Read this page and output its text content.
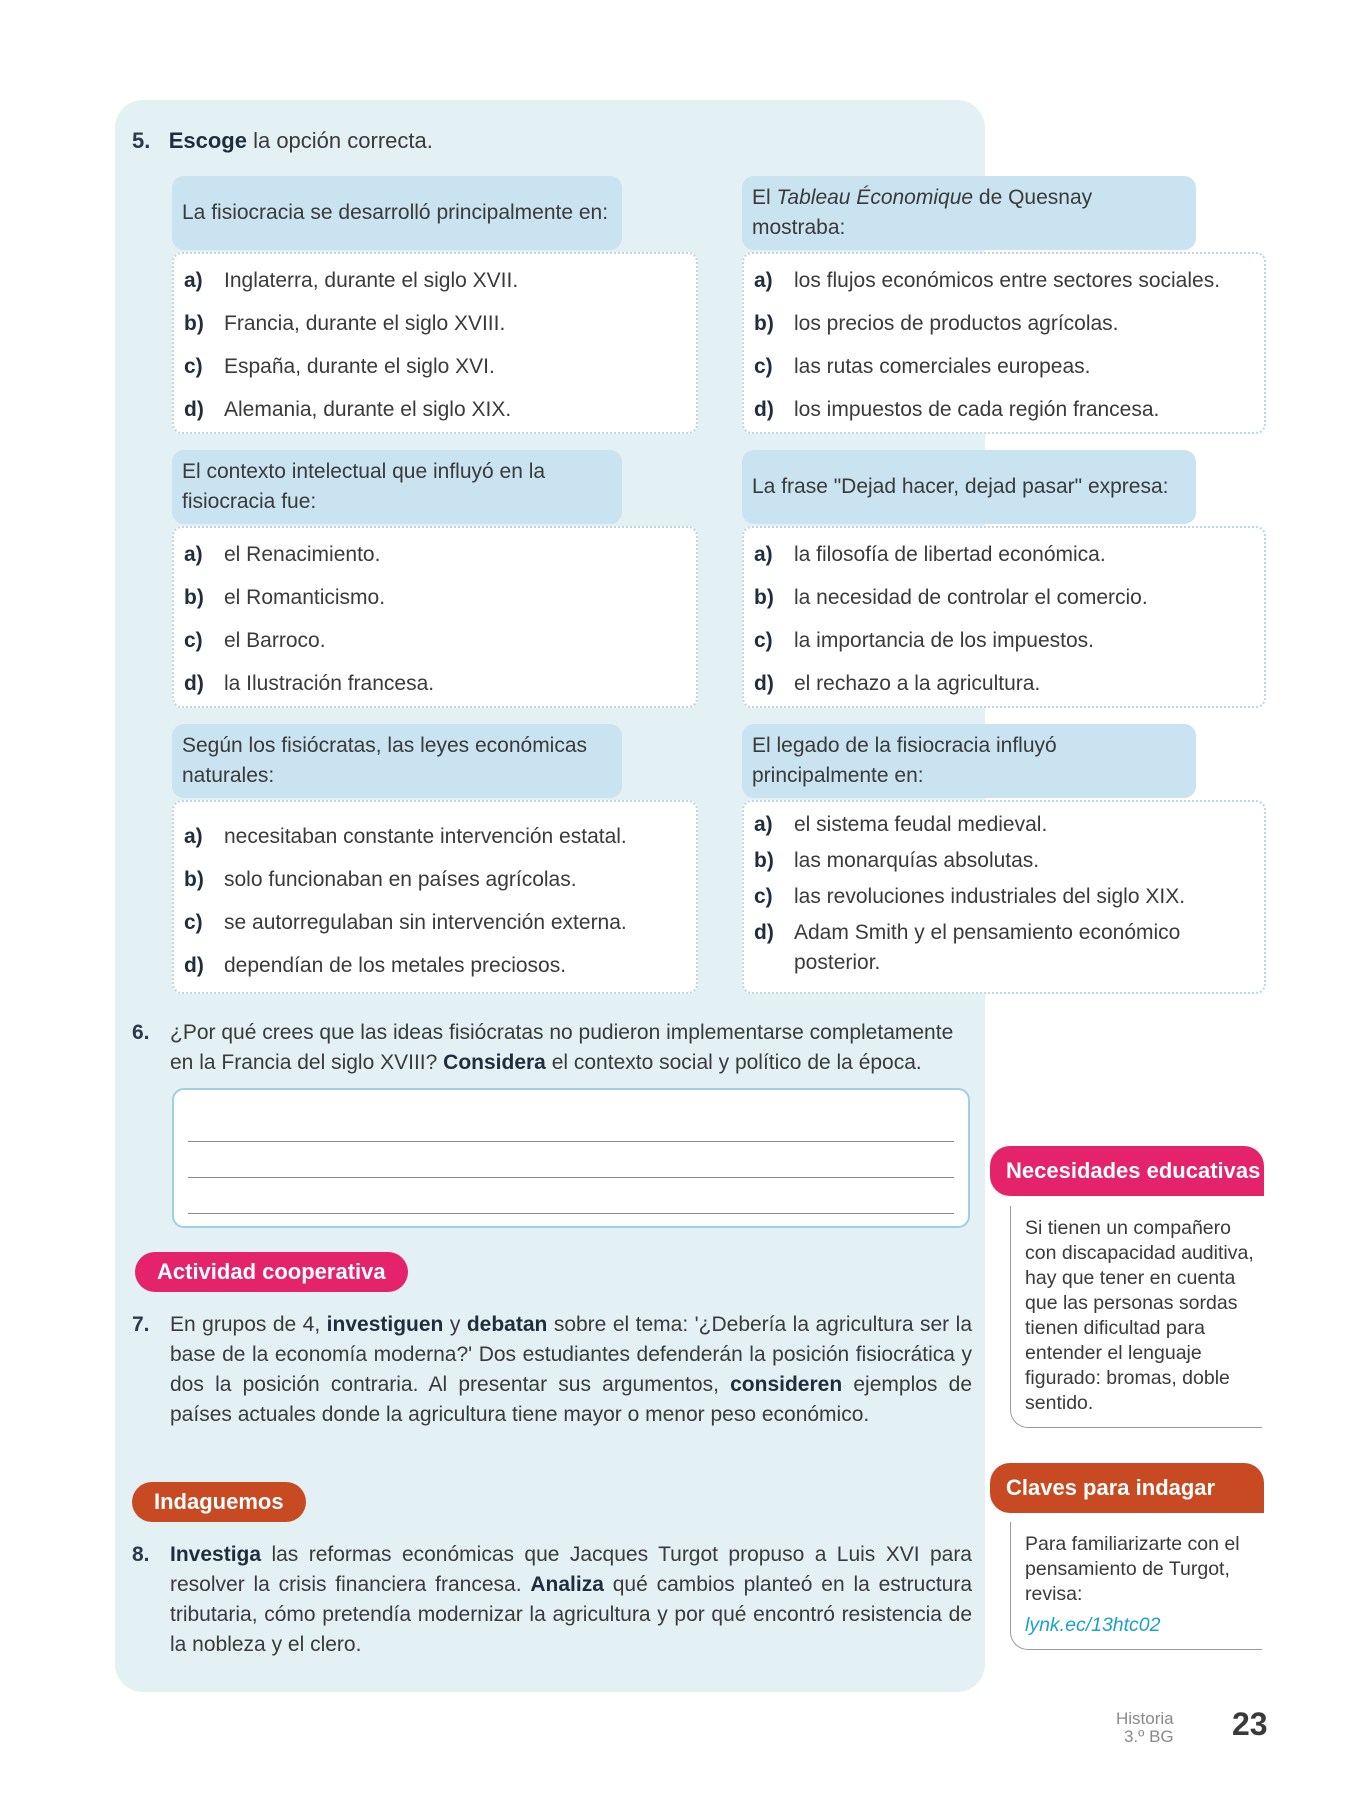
5. Escoge la opción correcta.
La fisiocracia se desarrolló principalmente en:
a)	Inglaterra, durante el siglo XVII.
b) Francia, durante el siglo XVIII.
c)	España, durante el siglo XVI.
d) Alemania, durante el siglo XIX.
El Tableau Économique de Quesnay mostraba:
a)	los flujos económicos entre sectores sociales.
b) los precios de productos agrícolas.
c)	las rutas comerciales europeas.
d) los impuestos de cada región francesa.
El contexto intelectual que influyó en la fisiocracia fue:
a)	el Renacimiento.
b) el Romanticismo.
c)	el Barroco.
d) la Ilustración francesa.
La frase "Dejad hacer, dejad pasar" expresa:
a)	la filosofía de libertad económica.
b) la necesidad de controlar el comercio.
c)	la importancia de los impuestos.
d) el rechazo a la agricultura.
Según los fisiócratas, las leyes económicas naturales:
a)	necesitaban constante intervención estatal.
b) solo funcionaban en países agrícolas.
c)	se autorregulaban sin intervención externa.
d) dependían de los metales preciosos.
El legado de la fisiocracia influyó principalmente en:
a)	el sistema feudal medieval.
b) las monarquías absolutas.
c)	las revoluciones industriales del siglo XIX.
d) Adam Smith y el pensamiento económico posterior.
6. ¿Por qué crees que las ideas fisiócratas no pudieron implementarse completamente en la Francia del siglo XVIII? Considera el contexto social y político de la época.
Actividad cooperativa
7. En grupos de 4, investiguen y debatan sobre el tema: '¿Debería la agricultura ser la base de la economía moderna?' Dos estudiantes defenderán la posición fisiocrática y dos la posición contraria. Al presentar sus argumentos, consideren ejemplos de países actuales donde la agricultura tiene mayor o menor peso económico.
Indaguemos
8. Investiga las reformas económicas que Jacques Turgot propuso a Luis XVI para resolver la crisis financiera francesa. Analiza qué cambios planteó en la estructura tributaria, cómo pretendía modernizar la agricultura y por qué encontró resistencia de la nobleza y el clero.
Necesidades educativas
Si tienen un compañero con discapacidad auditiva, hay que tener en cuenta que las personas sordas tienen dificultad para entender el lenguaje figurado: bromas, doble sentido.
Claves para indagar
Para familiarizarte con el pensamiento de Turgot, revisa:
lynk.ec/13htc02
Historia
3.º BG 23
